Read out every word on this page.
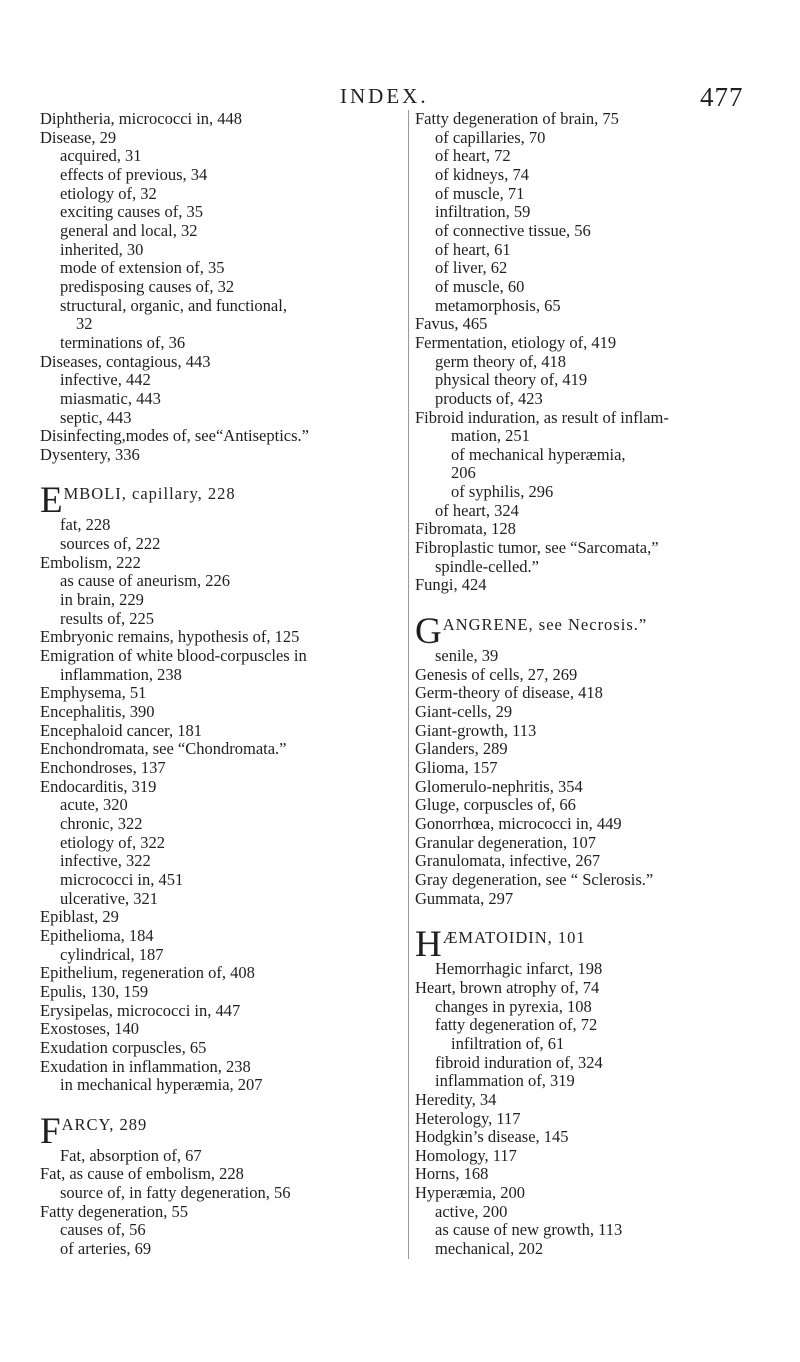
INDEX.	477
Diphtheria, micrococci in, 448
Disease, 29
acquired, 31
effects of previous, 34
etiology of, 32
exciting causes of, 35
general and local, 32
inherited, 30
mode of extension of, 35
predisposing causes of, 32
structural, organic, and functional,
32
terminations of, 36
Diseases, contagious, 443
infective, 442
miasmatic, 443
septic, 443
Disinfecting,modes of, see“Antiseptics.”
Dysentery, 336
EMBOLI, capillary, 228
fat, 228
sources of, 222
Embolism, 222
as cause of aneurism, 226
in brain, 229
results of, 225
Embryonic remains, hypothesis of, 125
Emigration of white blood-corpuscles in
inflammation, 238
Emphysema, 51
Encephalitis, 390
Encephaloid cancer, 181
Enchondromata, see “Chondromata.”
Enchondroses, 137
Endocarditis, 319
acute, 320
chronic, 322
etiology of, 322
infective, 322
micrococci in, 451
ulcerative, 321
Epiblast, 29
Epithelioma, 184
cylindrical, 187
Epithelium, regeneration of, 408
Epulis, 130, 159
Erysipelas, micrococci in, 447
Exostoses, 140
Exudation corpuscles, 65
Exudation in inflammation, 238
in mechanical hyperæmia, 207
FARCY, 289
Fat, absorption of, 67
Fat, as cause of embolism, 228
source of, in fatty degeneration, 56
Fatty degeneration, 55
causes of, 56
of arteries, 69
Fatty degeneration of brain, 75
of capillaries, 70
of heart, 72
of kidneys, 74
of muscle, 71
infiltration, 59
of connective tissue, 56
of heart, 61
of liver, 62
of muscle, 60
metamorphosis, 65
Favus, 465
Fermentation, etiology of, 419
germ theory of, 418
physical theory of, 419
products of, 423
Fibroid induration, as result of inflam-
mation, 251
of mechanical hyperæmia,
206
of syphilis, 296
of heart, 324
Fibromata, 128
Fibroplastic tumor, see “Sarcomata,”
spindle-celled.”
Fungi, 424
GANGRENE, see Necrosis.”
senile, 39
Genesis of cells, 27, 269
Germ-theory of disease, 418
Giant-cells, 29
Giant-growth, 113
Glanders, 289
Glioma, 157
Glomerulo-nephritis, 354
Gluge, corpuscles of, 66
Gonorrhœa, micrococci in, 449
Granular degeneration, 107
Granulomata, infective, 267
Gray degeneration, see “ Sclerosis.”
Gummata, 297
HÆMATOIDIN, 101
Hemorrhagic infarct, 198
Heart, brown atrophy of, 74
changes in pyrexia, 108
fatty degeneration of, 72
infiltration of, 61
fibroid induration of, 324
inflammation of, 319
Heredity, 34
Heterology, 117
Hodgkin’s disease, 145
Homology, 117
Horns, 168
Hyperæmia, 200
active, 200
as cause of new growth, 113
mechanical, 202
